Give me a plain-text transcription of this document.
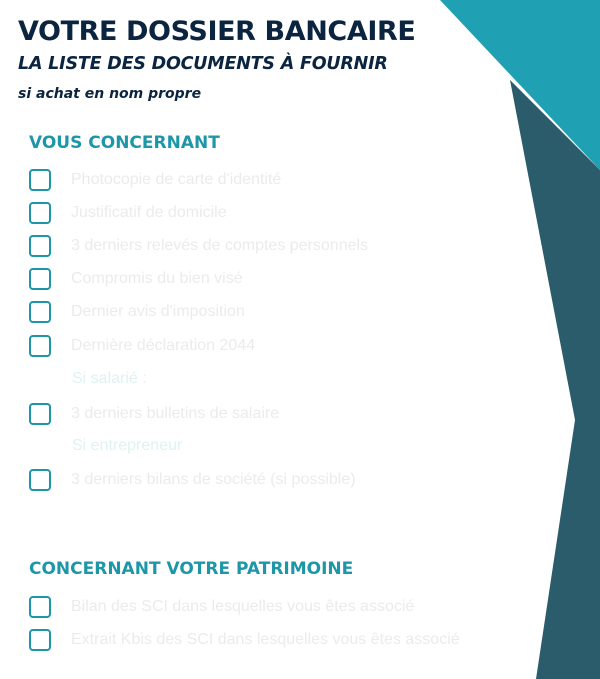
VOTRE DOSSIER BANCAIRE
LA LISTE DES DOCUMENTS À FOURNIR

si achat en nom propre

VOUS CONCERNANT
Photocopie de carte d'identité
Justificatif de domicile
3 derniers relevés de comptes personnels
Compromis du bien visé
Dernier avis d'imposition
Dernière déclaration 2044
Si salarié :
3 derniers bulletins de salaire
Si entrepreneur
3 derniers bilans de société (si possible)
CONCERNANT VOTRE PATRIMOINE
Bilan des SCI dans lesquelles vous êtes associé
Extrait Kbis des SCI dans lesquelles vous êtes associé
